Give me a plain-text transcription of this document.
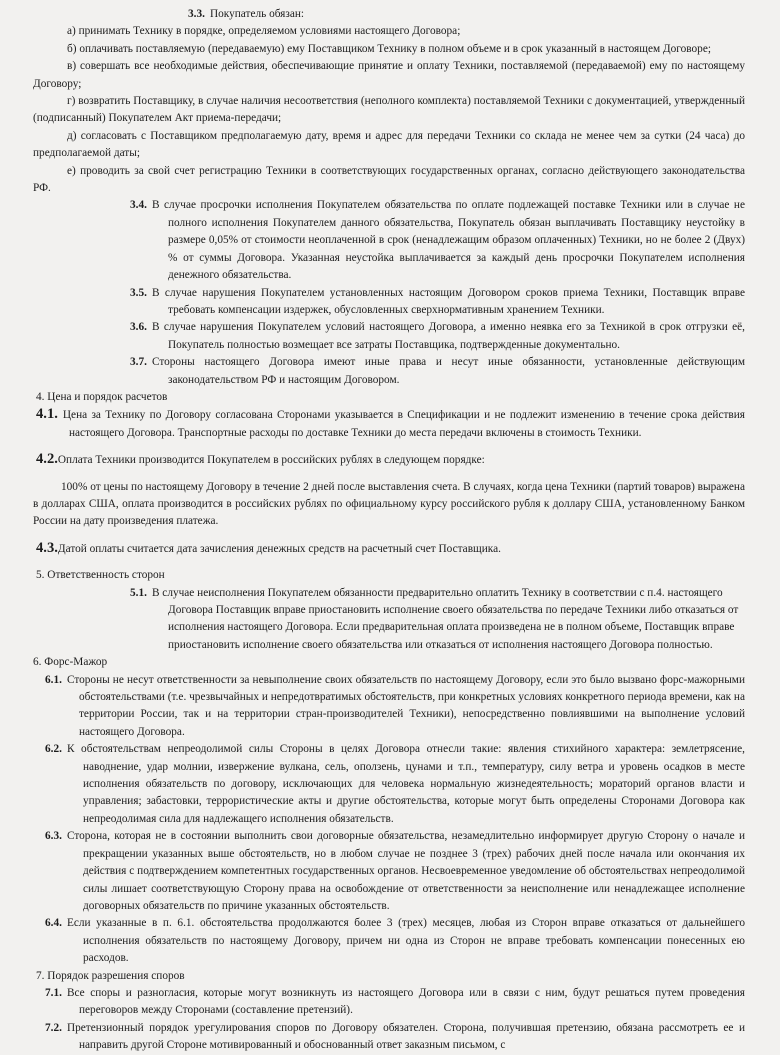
3.3. Покупатель обязан:

а) принимать Технику в порядке, определяемом условиями настоящего Договора;

б) оплачивать поставляемую (передаваемую) ему Поставщиком Технику в полном объеме и в срок указанный в настоящем Договоре;

в) совершать все необходимые действия, обеспечивающие принятие и оплату Техники, поставляемой (передаваемой) ему по настоящему Договору;

г) возвратить Поставщику, в случае наличия несоответствия (неполного комплекта) поставляемой Техники с документацией, утвержденный (подписанный) Покупателем Акт приема-передачи;

д) согласовать с Поставщиком предполагаемую дату, время и адрес для передачи Техники со склада не менее чем за сутки (24 часа) до предполагаемой даты;

е) проводить за свой счет регистрацию Техники в соответствующих государственных органах, согласно действующего законодательства РФ.

3.4. В случае просрочки исполнения Покупателем обязательства по оплате подлежащей поставке Техники или в случае не полного исполнения Покупателем данного обязательства, Покупатель обязан выплачивать Поставщику неустойку в размере 0,05% от стоимости неоплаченной в срок (ненадлежащим образом оплаченных) Техники, но не более 2 (Двух) % от суммы Договора. Указанная неустойка выплачивается за каждый день просрочки Покупателем исполнения денежного обязательства.

3.5. В случае нарушения Покупателем установленных настоящим Договором сроков приема Техники, Поставщик вправе требовать компенсации издержек, обусловленных сверхнормативным хранением Техники.

3.6. В случае нарушения Покупателем условий настоящего Договора, а именно неявка его за Техникой в срок отгрузки её, Покупатель полностью возмещает все затраты Поставщика, подтвержденные документально.

3.7. Стороны настоящего Договора имеют иные права и несут иные обязанности, установленные действующим законодательством РФ и настоящим Договором.

4. Цена и порядок расчетов

4.1. Цена за Технику по Договору согласована Сторонами указывается в Спецификации и не подлежит изменению в течение срока действия настоящего Договора. Транспортные расходы по доставке Техники до места передачи включены в стоимость Техники.

4.2.Оплата Техники производится Покупателем в российских рублях в следующем порядке:

100% от цены по настоящему Договору в течение 2 дней после выставления счета. В случаях, когда цена Техники (партий товаров) выражена в долларах США, оплата производится в российских рублях по официальному курсу российского рубля к доллару США, установленному Банком России на дату произведения платежа.

4.3.Датой оплаты считается дата зачисления денежных средств на расчетный счет Поставщика.

5. Ответственность сторон

5.1. В случае неисполнения Покупателем обязанности предварительно оплатить Технику в соответствии с п.4. настоящего Договора Поставщик вправе приостановить исполнение своего обязательства по передаче Техники либо отказаться от исполнения настоящего Договора. Если предварительная оплата произведена не в полном объеме, Поставщик вправе приостановить исполнение своего обязательства или отказаться от исполнения настоящего Договора полностью.

6. Форс-Мажор

6.1. Стороны не несут ответственности за невыполнение своих обязательств по настоящему Договору, если это было вызвано форс-мажорными обстоятельствами (т.е. чрезвычайных и непредотвратимых обстоятельств, при конкретных условиях конкретного периода времени, как на территории России, так и на территории стран-производителей Техники), непосредственно повлиявшими на выполнение условий настоящего Договора.

6.2. К обстоятельствам непреодолимой силы Стороны в целях Договора отнесли такие: явления стихийного характера: землетрясение, наводнение, удар молнии, извержение вулкана, сель, оползень, цунами и т.п., температуру, силу ветра и уровень осадков в месте исполнения обязательств по договору, исключающих для человека нормальную жизнедеятельность; мораторий органов власти и управления; забастовки, террористические акты и другие обстоятельства, которые могут быть определены Сторонами Договора как непреодолимая сила для надлежащего исполнения обязательств.

6.3. Сторона, которая не в состоянии выполнить свои договорные обязательства, незамедлительно информирует другую Сторону о начале и прекращении указанных выше обстоятельств, но в любом случае не позднее 3 (трех) рабочих дней после начала или окончания их действия с подтверждением компетентных государственных органов. Несвоевременное уведомление об обстоятельствах непреодолимой силы лишает соответствующую Сторону права на освобождение от ответственности за неисполнение или ненадлежащее исполнение договорных обязательств по причине указанных обстоятельств.

6.4. Если указанные в п. 6.1. обстоятельства продолжаются более 3 (трех) месяцев, любая из Сторон вправе отказаться от дальнейшего исполнения обязательств по настоящему Договору, причем ни одна из Сторон не вправе требовать компенсации понесенных ею расходов.

7. Порядок разрешения споров

7.1. Все споры и разногласия, которые могут возникнуть из настоящего Договора или в связи с ним, будут решаться путем проведения переговоров между Сторонами (составление претензий).

7.2. Претензионный порядок урегулирования споров по Договору обязателен. Сторона, получившая претензию, обязана рассмотреть ее и направить другой Стороне мотивированный и обоснованный ответ заказным письмом, с
